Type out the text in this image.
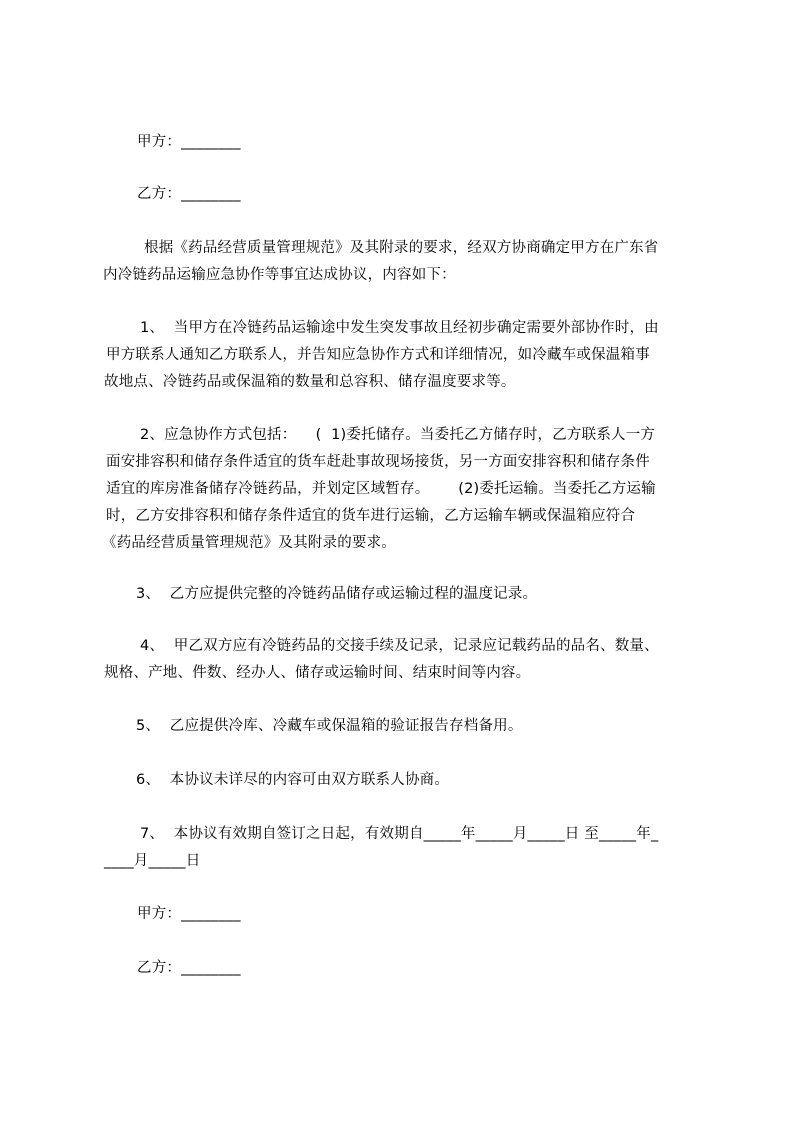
甲方：________
乙方：________
根据《药品经营质量管理规范》及其附录的要求，经双方协商确定甲方在广东省
内冷链药品运输应急协作等事宜达成协议，内容如下：
1、  当甲方在冷链药品运输途中发生突发事故且经初步确定需要外部协作时，由
甲方联系人通知乙方联系人，并告知应急协作方式和详细情况，如冷藏车或保温箱事
故地点、冷链药品或保温箱的数量和总容积、储存温度要求等。
2、应急协作方式包括：    (  1)委托储存。当委托乙方储存时，乙方联系人一方
面安排容积和储存条件适宜的货车赶赴事故现场接货，另一方面安排容积和储存条件
适宜的库房准备储存冷链药品，并划定区域暂存。      (2)委托运输。当委托乙方运输
时，乙方安排容积和储存条件适宜的货车进行运输，乙方运输车辆或保温箱应符合
《药品经营质量管理规范》及其附录的要求。
3、  乙方应提供完整的冷链药品储存或运输过程的温度记录。
4、  甲乙双方应有冷链药品的交接手续及记录，记录应记载药品的品名、数量、
规格、产地、件数、经办人、储存或运输时间、结束时间等内容。
5、  乙应提供冷库、冷藏车或保温箱的验证报告存档备用。
6、  本协议未详尽的内容可由双方联系人协商。
7、  本协议有效期自签订之日起，有效期自_____年_____月_____日 至_____年_
____月_____日
甲方：________
乙方：________
